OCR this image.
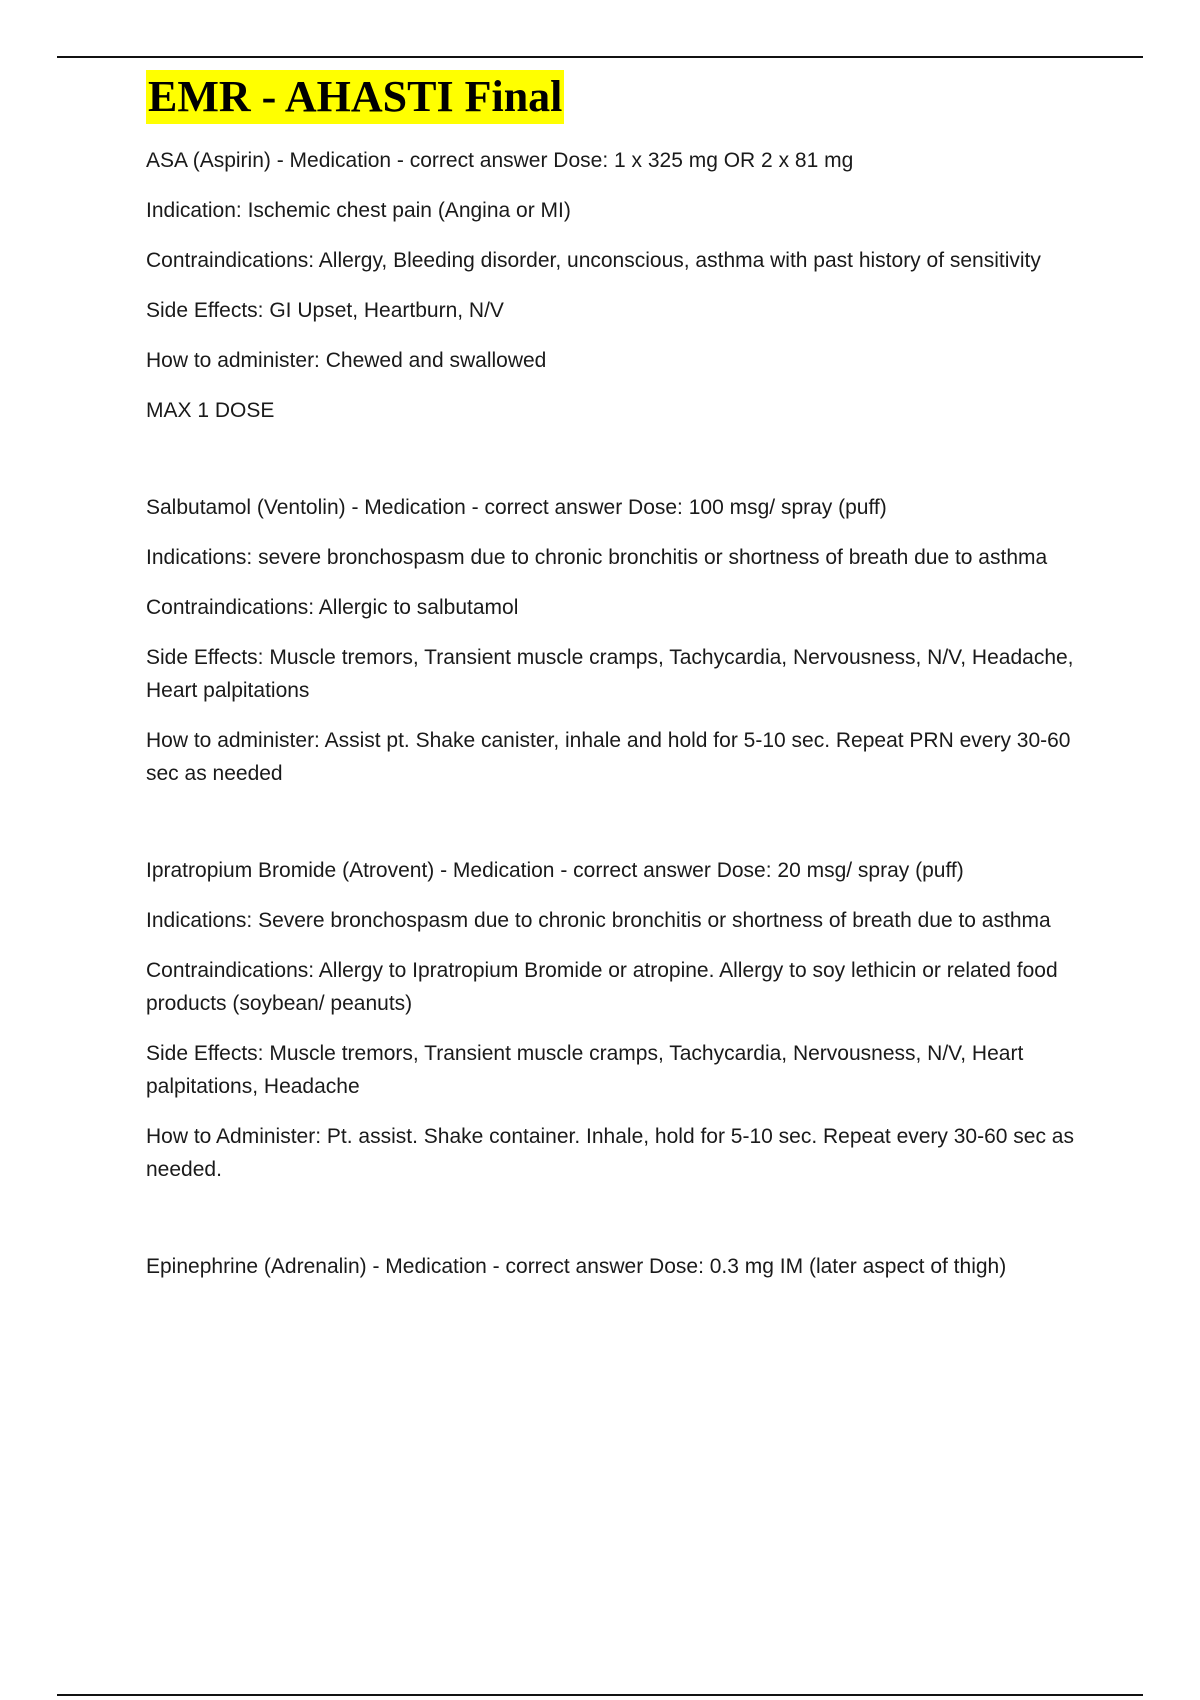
EMR - AHASTI Final

ASA (Aspirin) - Medication - correct answer Dose: 1 x 325 mg OR 2 x 81 mg

Indication: Ischemic chest pain (Angina or MI)

Contraindications: Allergy, Bleeding disorder, unconscious, asthma with past history of sensitivity

Side Effects: GI Upset, Heartburn, N/V

How to administer: Chewed and swallowed

MAX 1 DOSE

Salbutamol (Ventolin) - Medication - correct answer Dose: 100 msg/ spray (puff)

Indications: severe bronchospasm due to chronic bronchitis or shortness of breath due to asthma

Contraindications: Allergic to salbutamol

Side Effects: Muscle tremors, Transient muscle cramps, Tachycardia, Nervousness, N/V, Headache, Heart palpitations

How to administer: Assist pt. Shake canister, inhale and hold for 5-10 sec. Repeat PRN every 30-60 sec as needed

Ipratropium Bromide (Atrovent) - Medication - correct answer Dose: 20 msg/ spray (puff)

Indications: Severe bronchospasm due to chronic bronchitis or shortness of breath due to asthma

Contraindications: Allergy to Ipratropium Bromide or atropine. Allergy to soy lethicin or related food products (soybean/ peanuts)

Side Effects: Muscle tremors, Transient muscle cramps, Tachycardia, Nervousness, N/V, Heart palpitations, Headache

How to Administer: Pt. assist. Shake container. Inhale, hold for 5-10 sec. Repeat every 30-60 sec as needed.

Epinephrine (Adrenalin) - Medication - correct answer Dose: 0.3 mg IM (later aspect of thigh)
